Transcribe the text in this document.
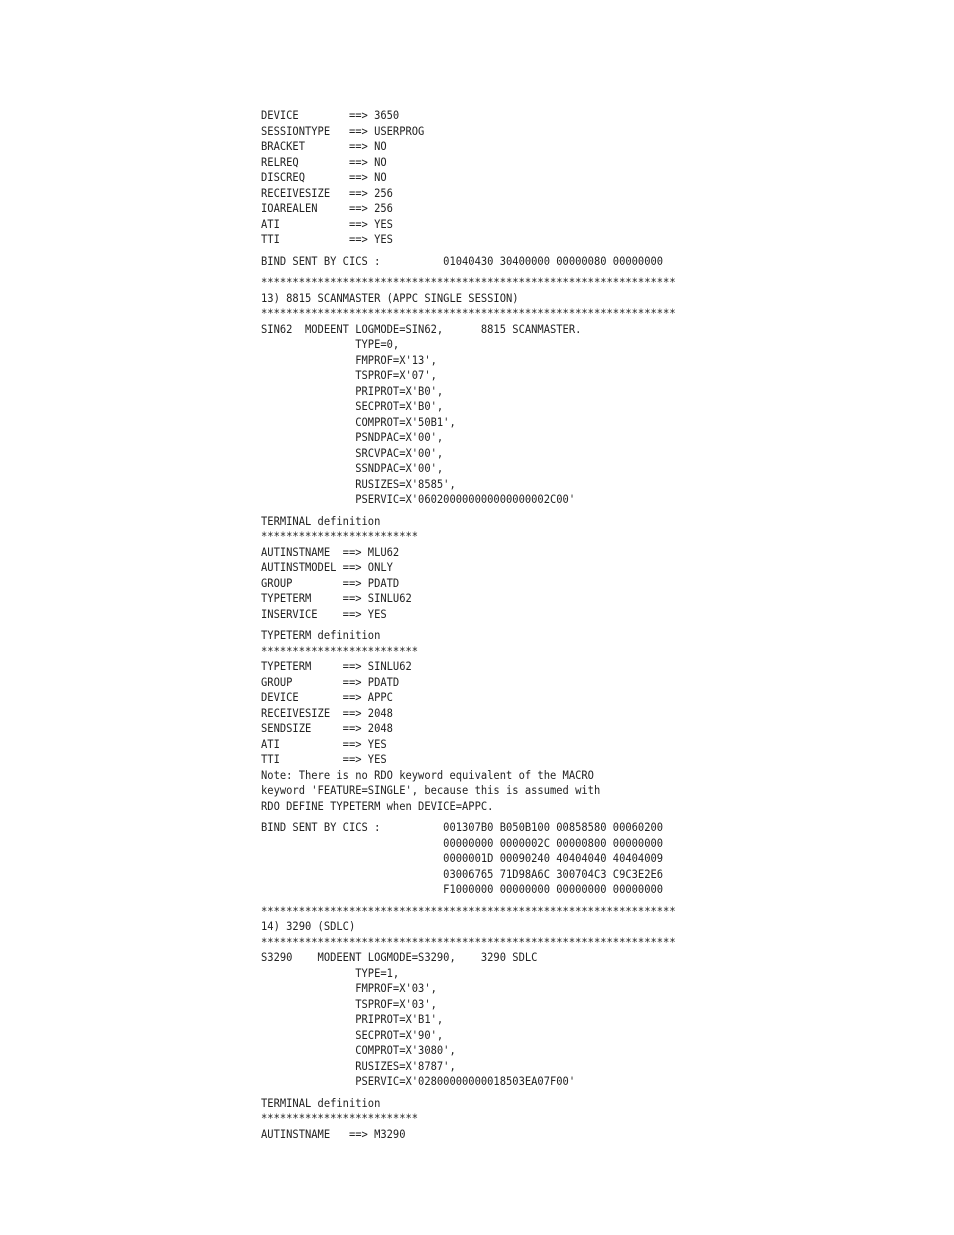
DEVICE        ==> 3650
SESSIONTYPE   ==> USERPROG
BRACKET       ==> NO
RELREQ        ==> NO
DISCREQ       ==> NO
RECEIVESIZE   ==> 256
IOAREALEN     ==> 256
ATI           ==> YES
TTI           ==> YES
BIND SENT BY CICS :          01040430 30400000 00000080 00000000
******************************************************************
13) 8815 SCANMASTER (APPC SINGLE SESSION)
******************************************************************
SIN62  MODEENT LOGMODE=SIN62,      8815 SCANMASTER.
TYPE=0,
FMPROF=X'13',
TSPROF=X'07',
PRIPROT=X'B0',
SECPROT=X'B0',
COMPROT=X'50B1',
PSNDPAC=X'00',
SRCVPAC=X'00',
SSNDPAC=X'00',
RUSIZES=X'8585',
PSERVIC=X'060200000000000000002C00'
TERMINAL definition
*************************
AUTINSTNAME  ==> MLU62
AUTINSTMODEL ==> ONLY
GROUP        ==> PDATD
TYPETERM     ==> SINLU62
INSERVICE    ==> YES
TYPETERM definition
*************************
TYPETERM     ==> SINLU62
GROUP        ==> PDATD
DEVICE       ==> APPC
RECEIVESIZE  ==> 2048
SENDSIZE     ==> 2048
ATI          ==> YES
TTI          ==> YES
Note: There is no RDO keyword equivalent of the MACRO
keyword 'FEATURE=SINGLE', because this is assumed with
RDO DEFINE TYPETERM when DEVICE=APPC.
BIND SENT BY CICS :          001307B0 B050B100 00858580 00060200
00000000 0000002C 00000800 00000000
0000001D 00090240 40404040 40404009
03006765 71D98A6C 300704C3 C9C3E2E6
F1000000 00000000 00000000 00000000
******************************************************************
14) 3290 (SDLC)
******************************************************************
S3290    MODEENT LOGMODE=S3290,    3290 SDLC
TYPE=1,
FMPROF=X'03',
TSPROF=X'03',
PRIPROT=X'B1',
SECPROT=X'90',
COMPROT=X'3080',
RUSIZES=X'8787',
PSERVIC=X'02800000000018503EA07F00'
TERMINAL definition
*************************
AUTINSTNAME   ==> M3290
